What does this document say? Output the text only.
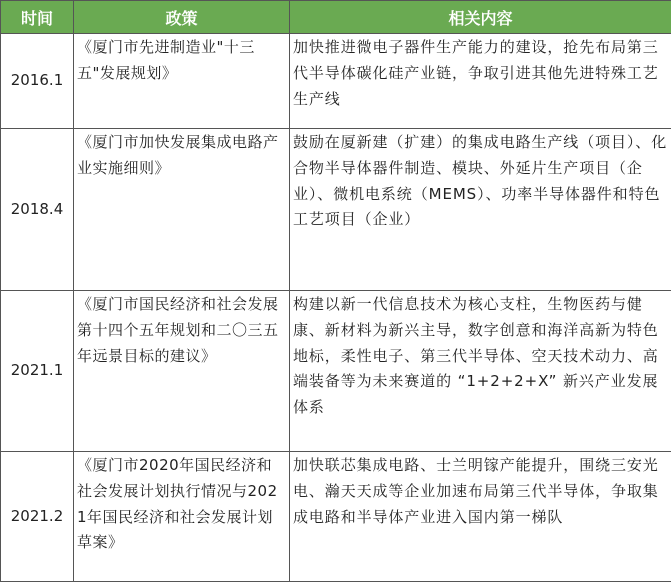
时间	政策	相关内容
2016.1	《厦门市先进制造业"十三五"发展规划》	加快推进微电子器件生产能力的建设，抢先布局第三代半导体碳化硅产业链，争取引进其他先进特殊工艺生产线
2018.4	《厦门市加快发展集成电路产业实施细则》	鼓励在厦新建（扩建）的集成电路生产线（项目）、化合物半导体器件制造、模块、外延片生产项目（企业）、微机电系统（MEMS）、功率半导体器件和特色工艺项目（企业）
2021.1	《厦门市国民经济和社会发展第十四个五年规划和二〇三五年远景目标的建议》	构建以新一代信息技术为核心支柱，生物医药与健康、新材料为新兴主导，数字创意和海洋高新为特色地标，柔性电子、第三代半导体、空天技术动力、高端装备等为未来赛道的 “1+2+2+X” 新兴产业发展体系
2021.2	《厦门市2020年国民经济和社会发展计划执行情况与2021年国民经济和社会发展计划草案》	加快联芯集成电路、士兰明镓产能提升，围绕三安光电、瀚天天成等企业加速布局第三代半导体，争取集成电路和半导体产业进入国内第一梯队
